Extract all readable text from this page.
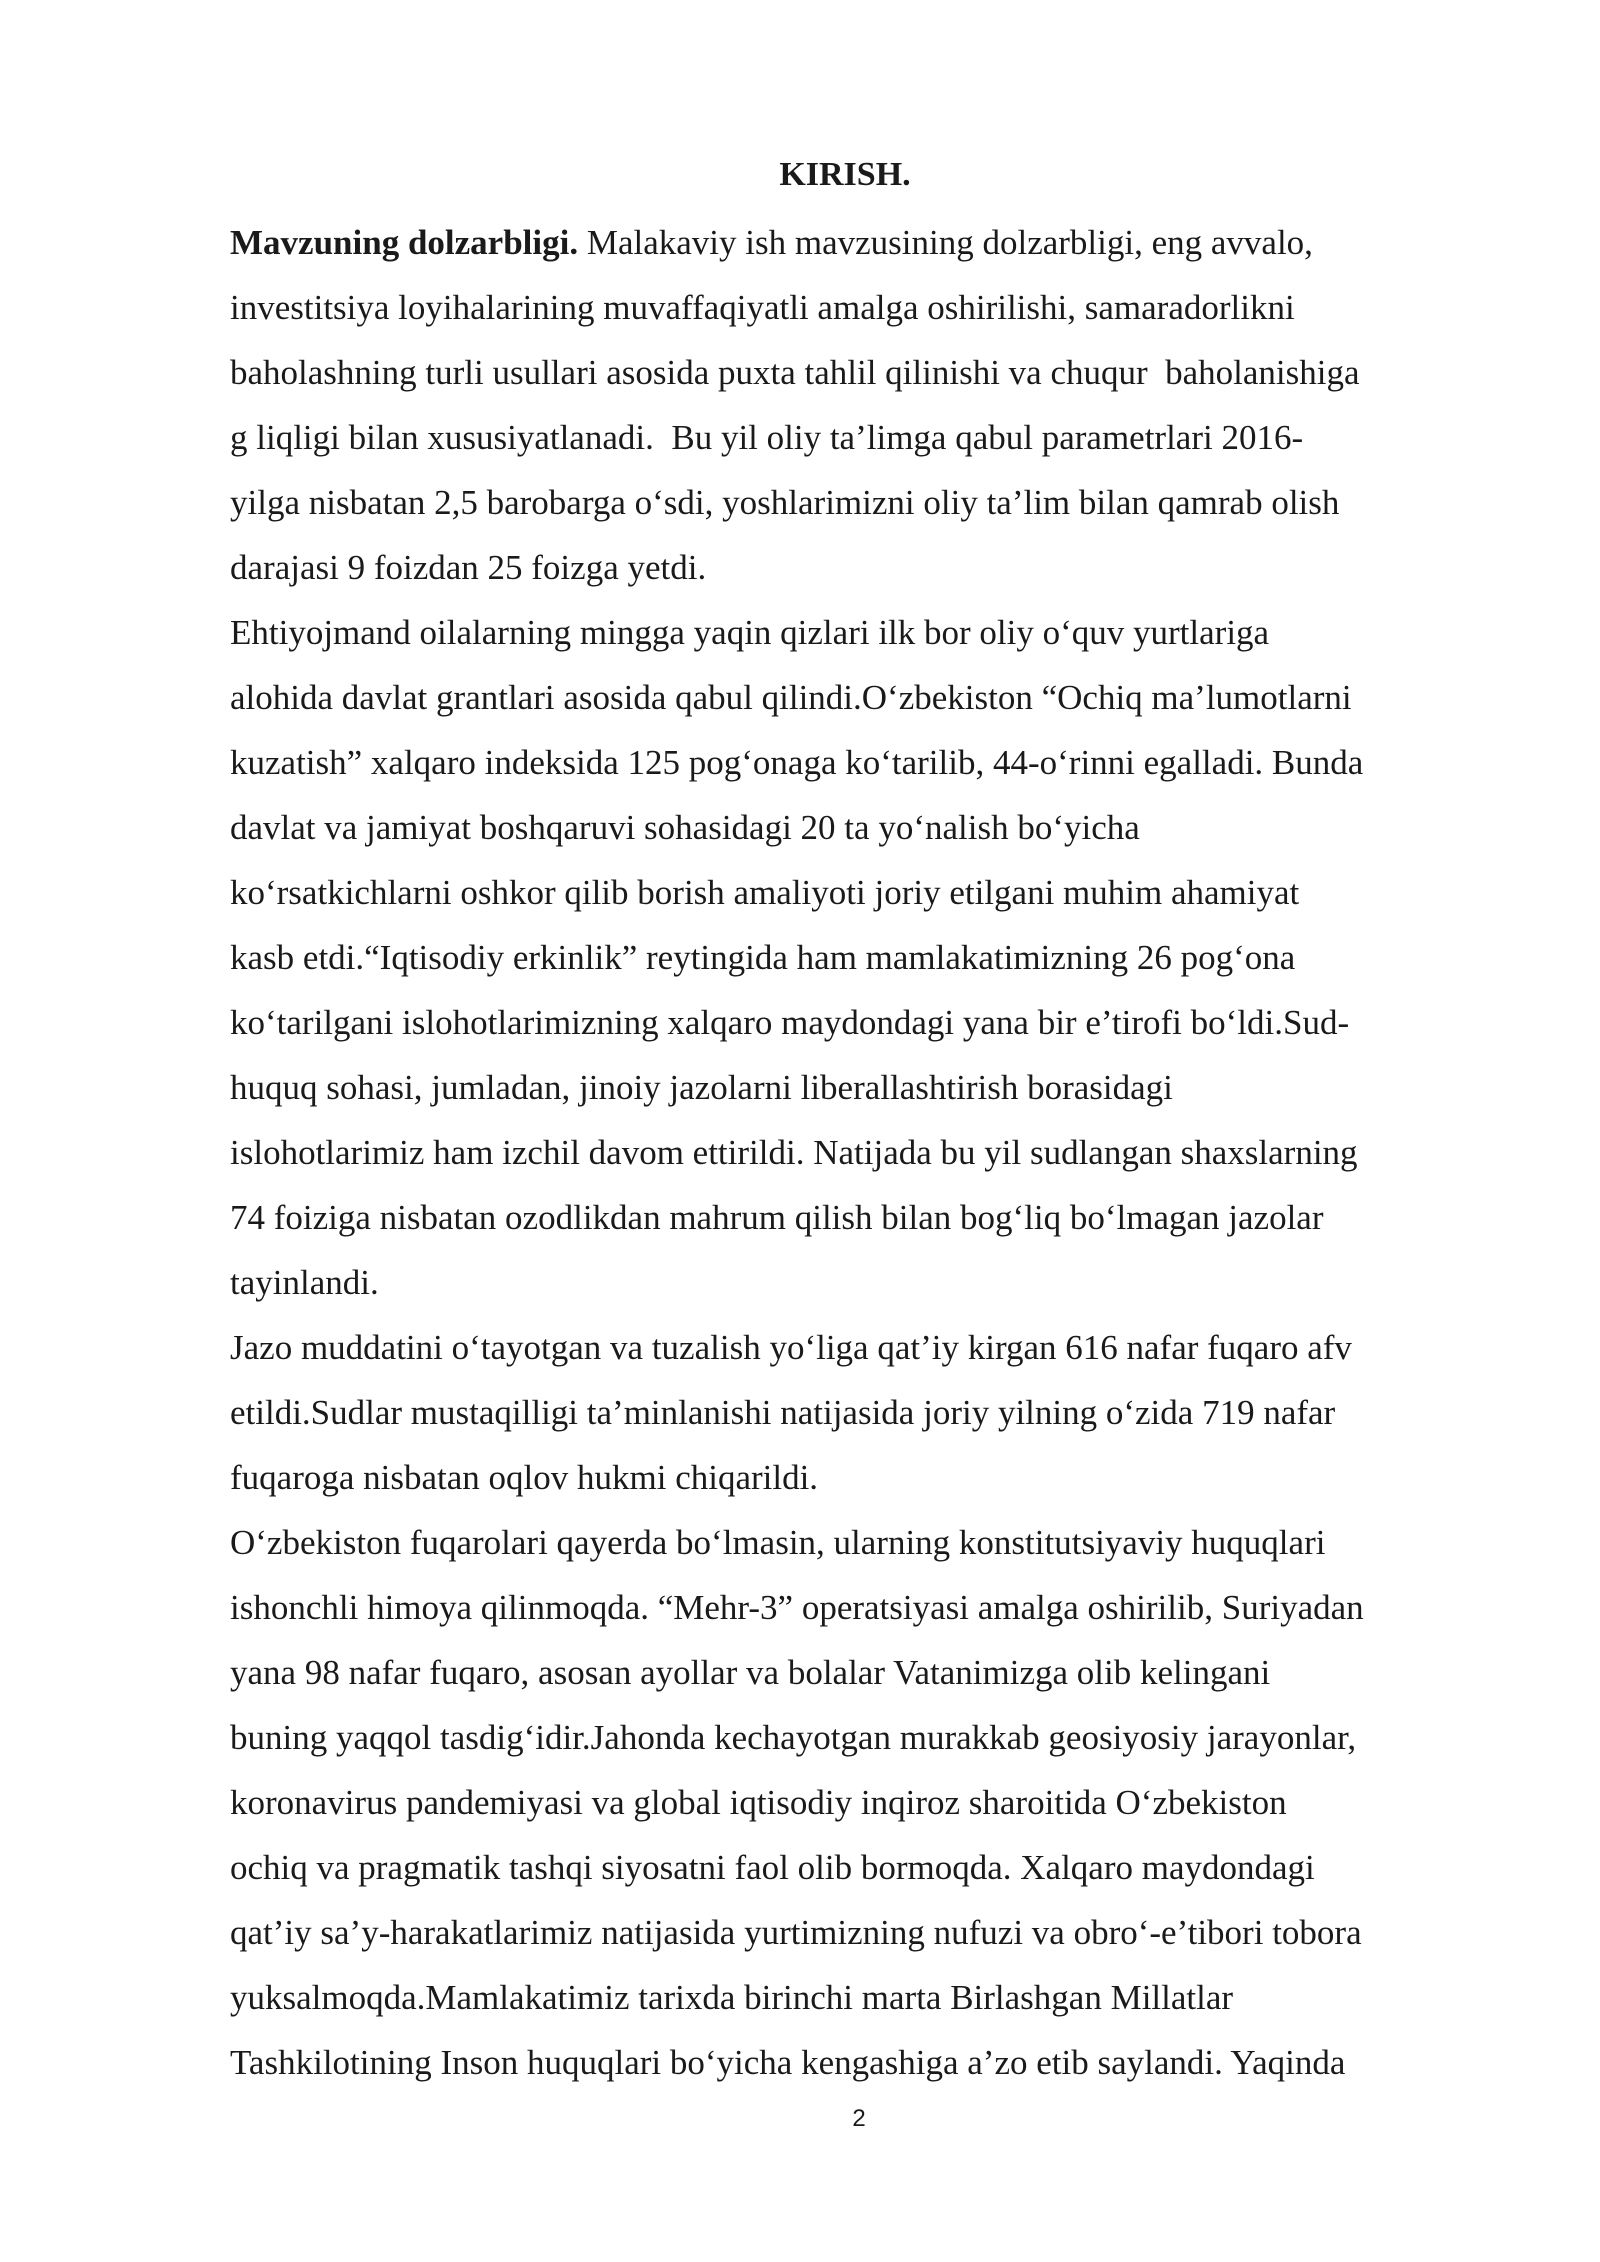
KIRISH.
Mavzuning dolzarbligi. Malakaviy ish mavzusining dolzarbligi, eng avvalo,
investitsiya loyihalarining muvaffaqiyatli amalga oshirilishi, samaradorlikni
baholashning turli usullari asosida puxta tahlil qilinishi va chuqur  baholanishiga
g liqligi bilan xususiyatlanadi.  Bu yil oliy ta’limga qabul parametrlari 2016-
yilga nisbatan 2,5 barobarga o‘sdi, yoshlarimizni oliy ta’lim bilan qamrab olish
darajasi 9 foizdan 25 foizga yetdi.
Ehtiyojmand oilalarning mingga yaqin qizlari ilk bor oliy o‘quv yurtlariga
alohida davlat grantlari asosida qabul qilindi.O‘zbekiston “Ochiq ma’lumotlarni
kuzatish” xalqaro indeksida 125 pog‘onaga ko‘tarilib, 44-o‘rinni egalladi. Bunda
davlat va jamiyat boshqaruvi sohasidagi 20 ta yo‘nalish bo‘yicha
ko‘rsatkichlarni oshkor qilib borish amaliyoti joriy etilgani muhim ahamiyat
kasb etdi.“Iqtisodiy erkinlik” reytingida ham mamlakatimizning 26 pog‘ona
ko‘tarilgani islohotlarimizning xalqaro maydondagi yana bir e’tirofi bo‘ldi.Sud-
huquq sohasi, jumladan, jinoiy jazolarni liberallashtirish borasidagi
islohotlarimiz ham izchil davom ettirildi. Natijada bu yil sudlangan shaxslarning
74 foiziga nisbatan ozodlikdan mahrum qilish bilan bog‘liq bo‘lmagan jazolar
tayinlandi.
Jazo muddatini o‘tayotgan va tuzalish yo‘liga qat’iy kirgan 616 nafar fuqaro afv
etildi.Sudlar mustaqilligi ta’minlanishi natijasida joriy yilning o‘zida 719 nafar
fuqaroga nisbatan oqlov hukmi chiqarildi.
O‘zbekiston fuqarolari qayerda bo‘lmasin, ularning konstitutsiyaviy huquqlari
ishonchli himoya qilinmoqda. “Mehr-3” operatsiyasi amalga oshirilib, Suriyadan
yana 98 nafar fuqaro, asosan ayollar va bolalar Vatanimizga olib kelingani
buning yaqqol tasdig‘idir.Jahonda kechayotgan murakkab geosiyosiy jarayonlar,
koronavirus pandemiyasi va global iqtisodiy inqiroz sharoitida O‘zbekiston
ochiq va pragmatik tashqi siyosatni faol olib bormoqda. Xalqaro maydondagi
qat’iy sa’y-harakatlarimiz natijasida yurtimizning nufuzi va obro‘-e’tibori tobora
yuksalmoqda.Mamlakatimiz tarixda birinchi marta Birlashgan Millatlar
Tashkilotining Inson huquqlari bo‘yicha kengashiga a’zo etib saylandi. Yaqinda
2
